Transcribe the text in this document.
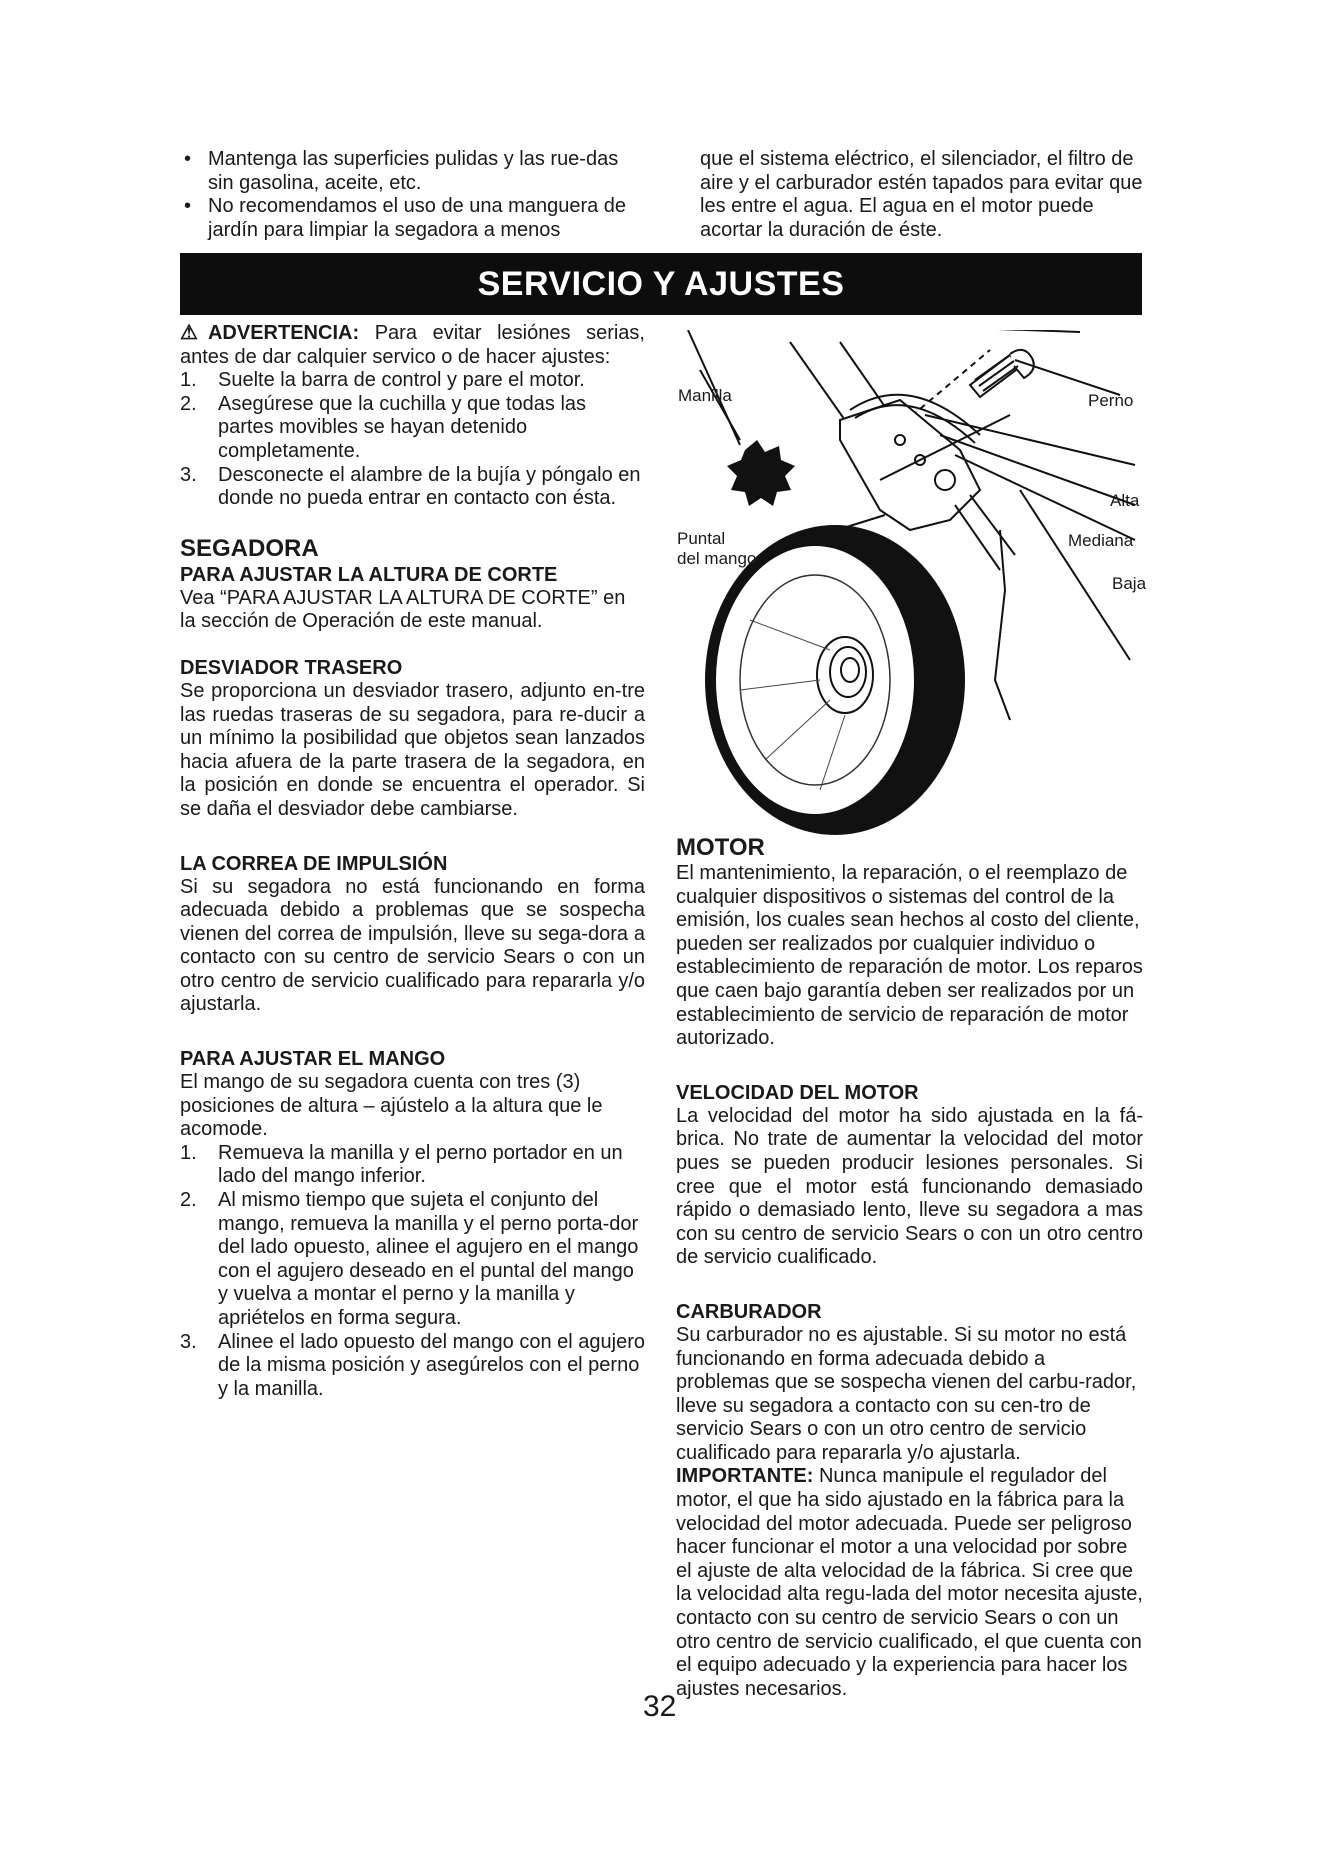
• Mantenga las superficies pulidas y las rue-das sin gasolina, aceite, etc.
• No recomendamos el uso de una manguera de jardín para limpiar la segadora a menos

que el sistema eléctrico, el silenciador, el filtro de aire y el carburador estén tapados para evitar que les entre el agua. El agua en el motor puede acortar la duración de éste.

SERVICIO Y AJUSTES

⚠ADVERTENCIA: Para evitar lesiónes serias, antes de dar calquier servico o de hacer ajustes:

1. Suelte la barra de control y pare el motor.
2. Asegúrese que la cuchilla y que todas las partes movibles se hayan detenido completamente.
3. Desconecte el alambre de la bujía y póngalo en donde no pueda entrar en contacto con ésta.
SEGADORA
PARA AJUSTAR LA ALTURA DE CORTE

Vea “PARA AJUSTAR LA ALTURA DE CORTE” en la sección de Operación de este manual.

DESVIADOR TRASERO

Se proporciona un desviador trasero, adjunto en-tre las ruedas traseras de su segadora, para re-ducir a un mínimo la posibilidad que objetos sean lanzados hacia afuera de la parte trasera de la segadora, en la posición en donde se encuentra el operador. Si se daña el desviador debe cambiarse.

LA CORREA DE IMPULSIÓN

Si su segadora no está funcionando en forma adecuada debido a problemas que se sospecha vienen del correa de impulsión, lleve su sega-dora a contacto con su centro de servicio Sears o con un otro centro de servicio cualificado para repararla y/o ajustarla.

PARA AJUSTAR EL MANGO

El mango de su segadora cuenta con tres (3) posiciones de altura – ajústelo a la altura que le acomode.

1. Remueva la manilla y el perno portador en un lado del mango inferior.
2. Al mismo tiempo que sujeta el conjunto del mango, remueva la manilla y el perno porta-dor del lado opuesto, alinee el agujero en el mango con el agujero deseado en el puntal del mango y vuelva a montar el perno y la manilla y apriételos en forma segura.
3. Alinee el lado opuesto del mango con el agujero de la misma posición y asegúrelos con el perno y la manilla.
Manilla	Perno
Alta
Puntal
del mango
Mediana
Baja
MOTOR

El mantenimiento, la reparación, o el reemplazo de cualquier dispositivos o sistemas del control de la emisión, los cuales sean hechos al costo del cliente, pueden ser realizados por cualquier individuo o establecimiento de reparación de motor. Los reparos que caen bajo garantía deben ser realizados por un establecimiento de servicio de reparación de motor autorizado.

VELOCIDAD DEL MOTOR

La velocidad del motor ha sido ajustada en la fá-brica. No trate de aumentar la velocidad del motor pues se pueden producir lesiones personales. Si cree que el motor está funcionando demasiado rápido o demasiado lento, lleve su segadora a mas con su centro de servicio Sears o con un otro centro de servicio cualificado.

CARBURADOR

Su carburador no es ajustable. Si su motor no está funcionando en forma adecuada debido a problemas que se sospecha vienen del carbu-rador, lleve su segadora a contacto con su cen-tro de servicio Sears o con un otro centro de servicio cualificado para repararla y/o ajustarla.

IMPORTANTE: Nunca manipule el regulador del motor, el que ha sido ajustado en la fábrica para la velocidad del motor adecuada. Puede ser peligroso hacer funcionar el motor a una velocidad por sobre el ajuste de alta velocidad de la fábrica. Si cree que la velocidad alta regu-lada del motor necesita ajuste, contacto con su centro de servicio Sears o con un otro centro de servicio cualificado, el que cuenta con el equipo adecuado y la experiencia para hacer los ajustes necesarios.

32
